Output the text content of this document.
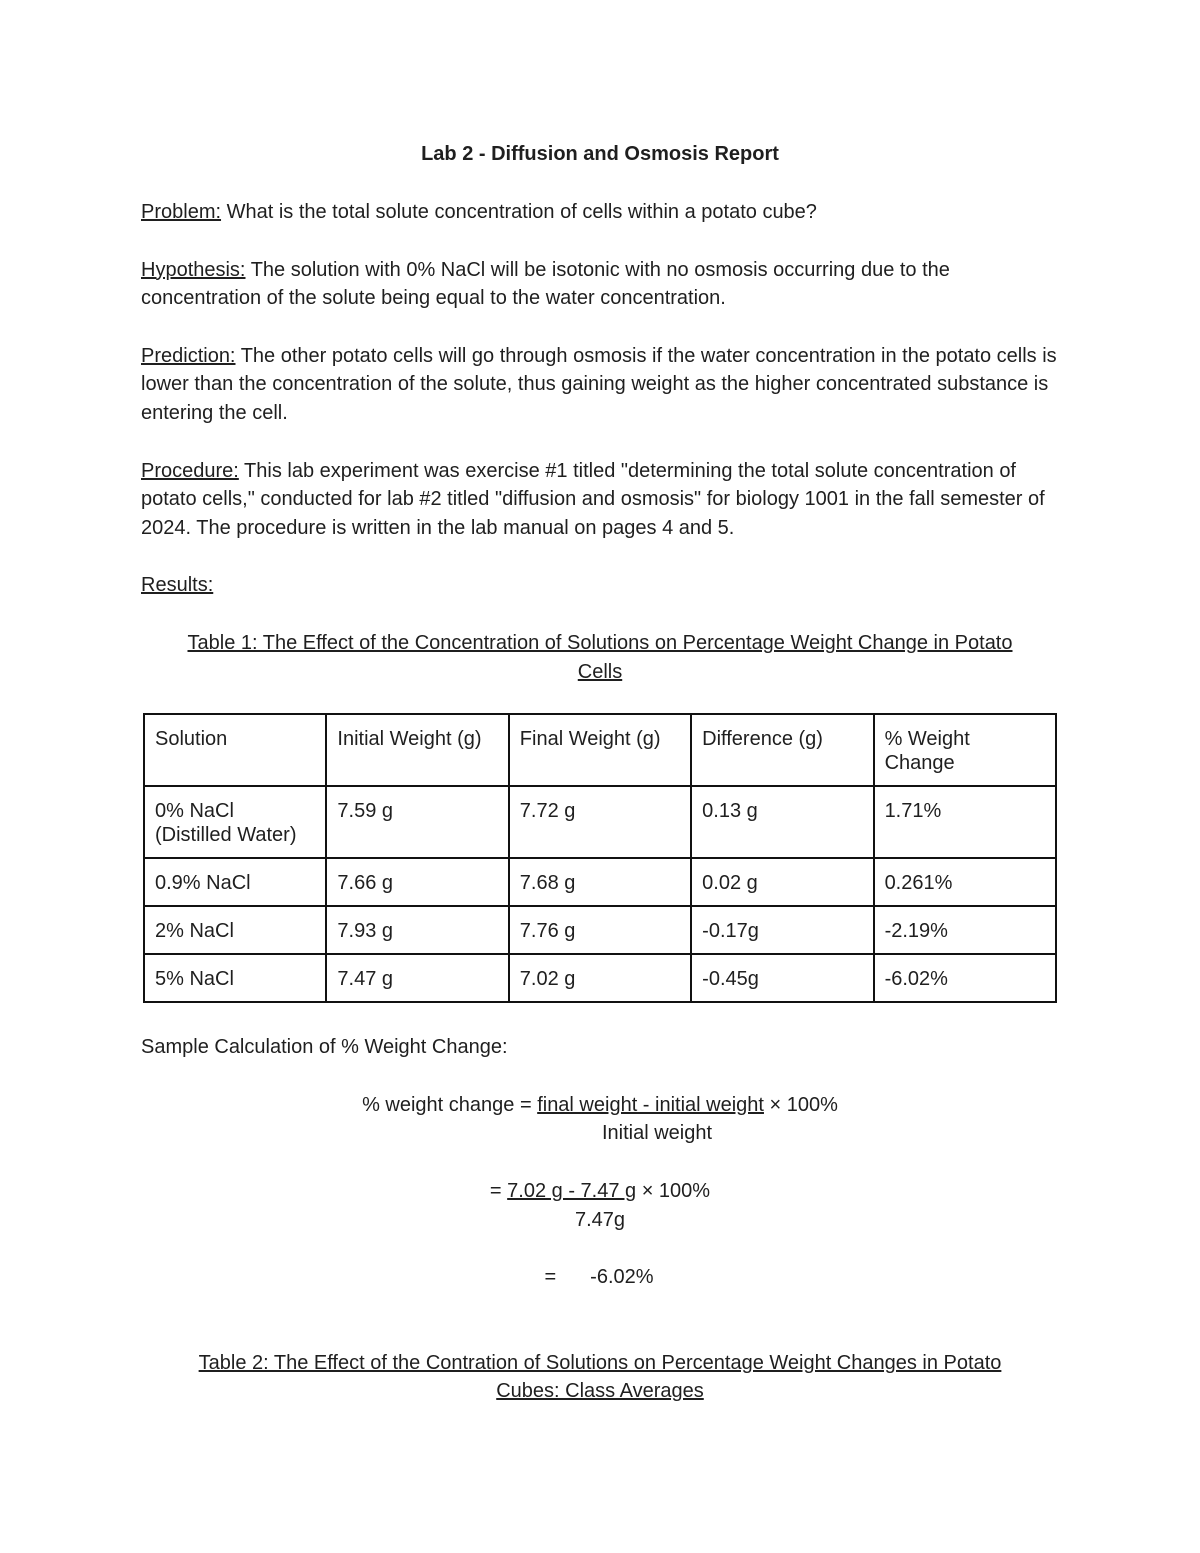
Lab 2 - Diffusion and Osmosis Report

Problem: What is the total solute concentration of cells within a potato cube?

Hypothesis: The solution with 0% NaCl will be isotonic with no osmosis occurring due to the concentration of the solute being equal to the water concentration.

Prediction: The other potato cells will go through osmosis if the water concentration in the potato cells is lower than the concentration of the solute, thus gaining weight as the higher concentrated substance is entering the cell.

Procedure: This lab experiment was exercise #1 titled "determining the total solute concentration of potato cells," conducted for lab #2 titled "diffusion and osmosis" for biology 1001 in the fall semester of 2024. The procedure is written in the lab manual on pages 4 and 5.

Results:

Table 1: The Effect of the Concentration of Solutions on Percentage Weight Change in Potato
Cells
Solution	Initial Weight (g)	Final Weight (g)	Difference (g)	% Weight Change
0% NaCl (Distilled Water)	7.59 g	7.72 g	0.13 g	1.71%
0.9% NaCl	7.66 g	7.68 g	0.02 g	0.261%
2% NaCl	7.93 g	7.76 g	-0.17g	-2.19%
5% NaCl	7.47 g	7.02 g	-0.45g	-6.02%

Sample Calculation of % Weight Change:

% weight change = final weight - initial weight × 100%
Initial weight
= 7.02 g - 7.47 g × 100%
7.47g
= -6.02%
Table 2: The Effect of the Contration of Solutions on Percentage Weight Changes in Potato
Cubes: Class Averages
